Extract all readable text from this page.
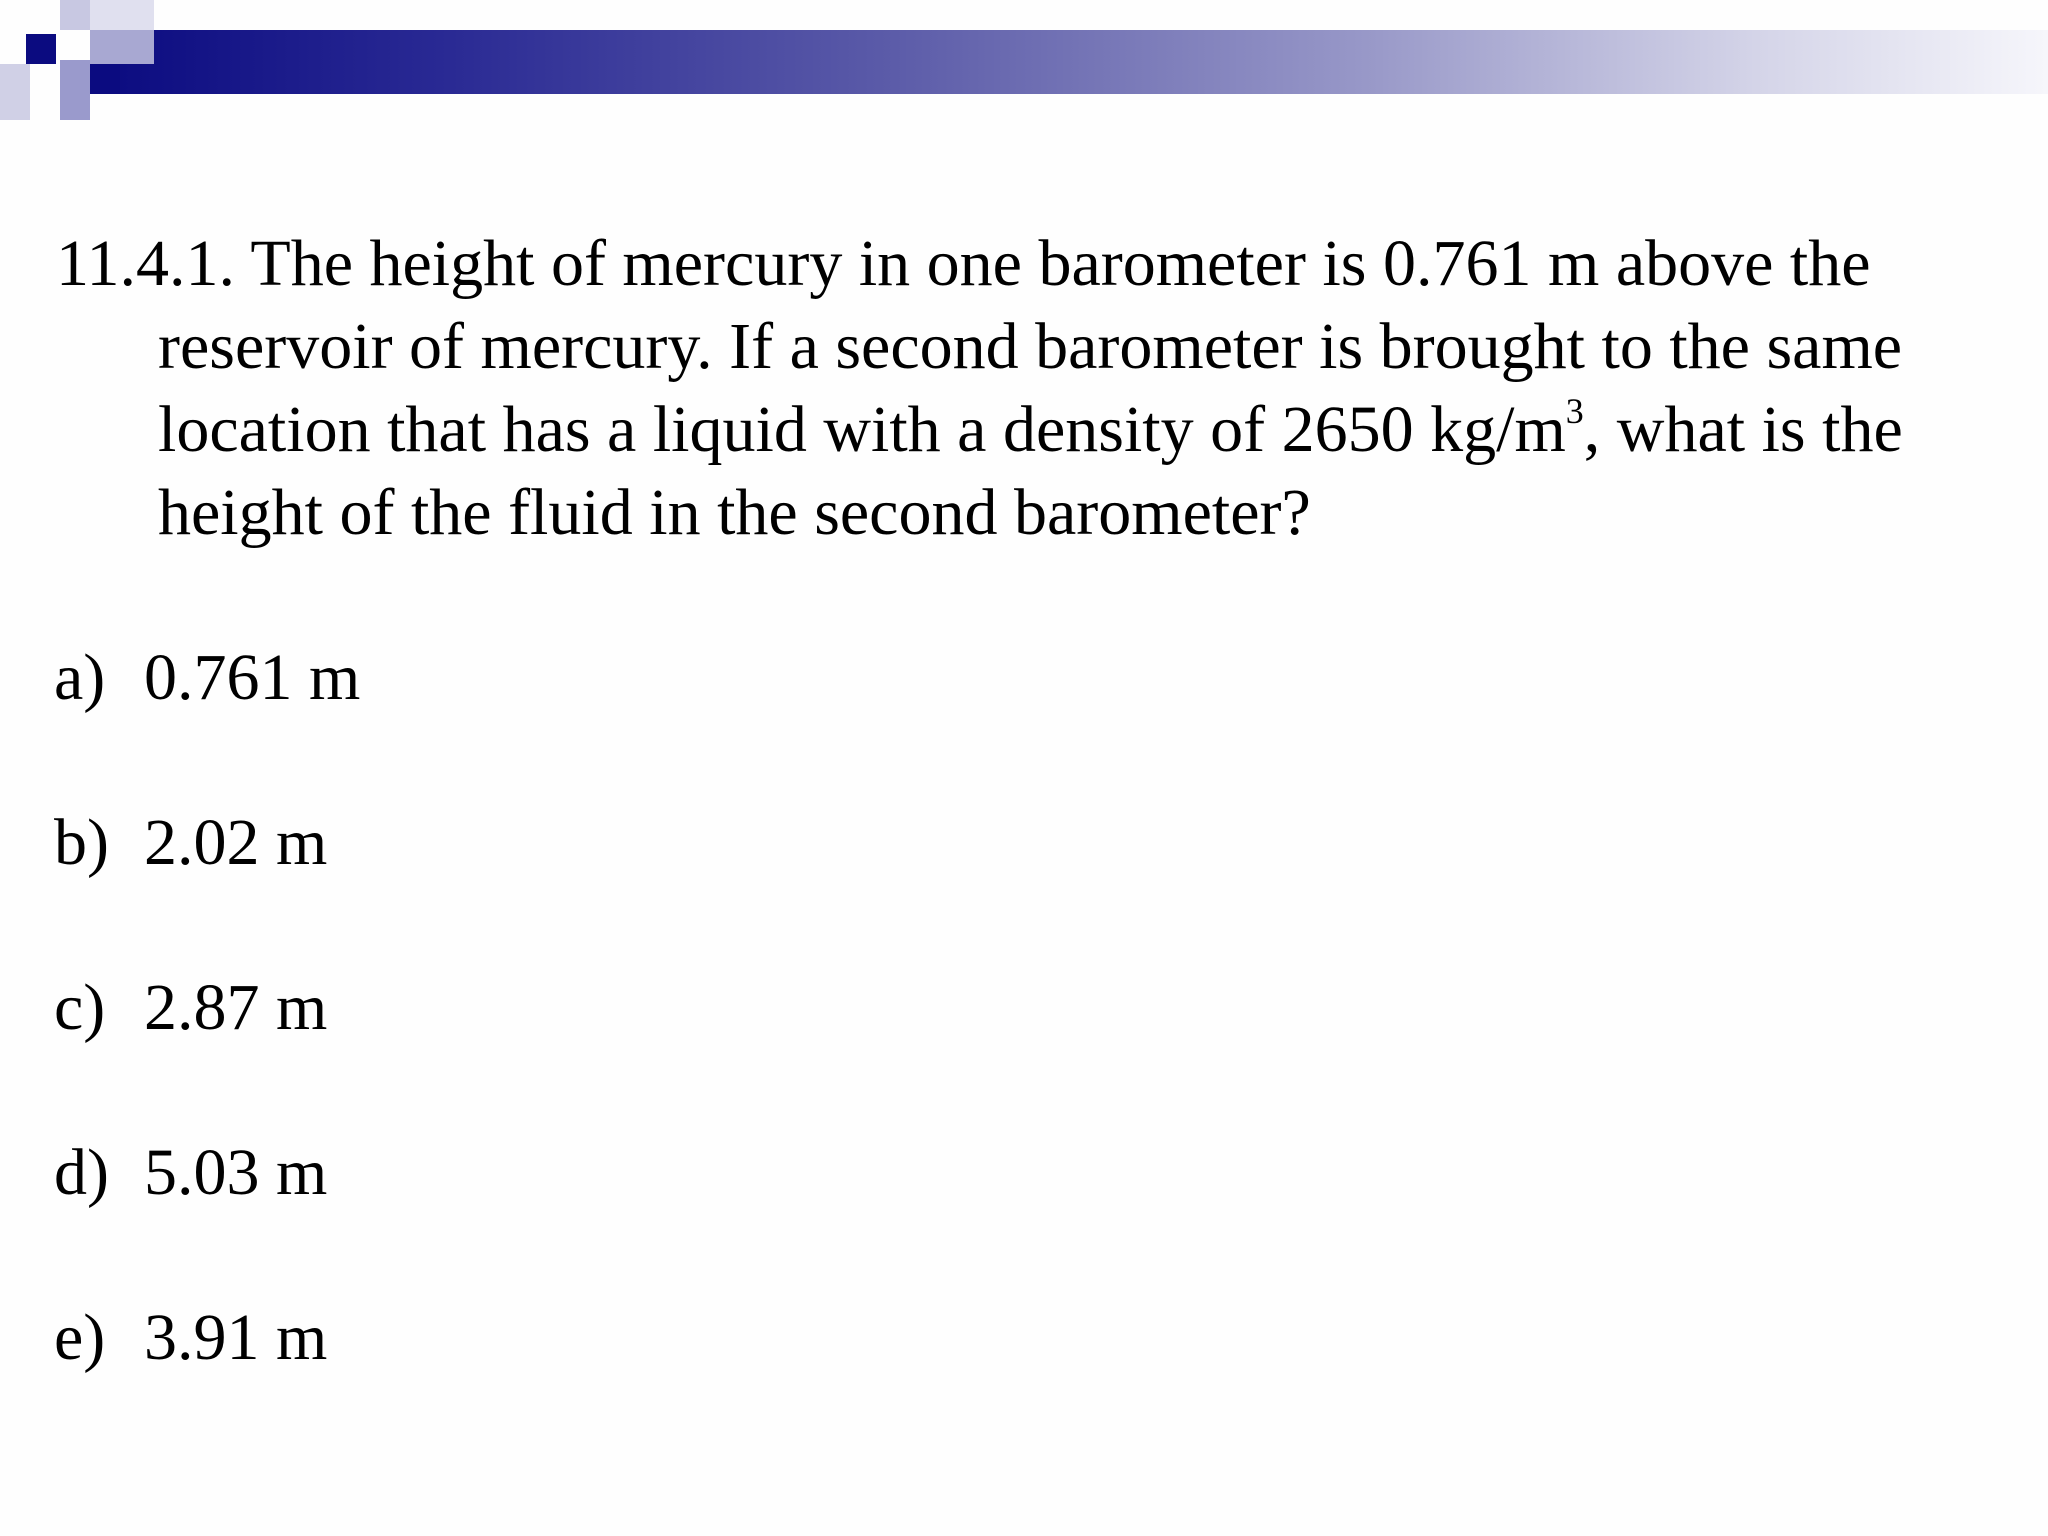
11.4.1. The height of mercury in one barometer is 0.761 m above the
reservoir of mercury. If a second barometer is brought to the same
location that has a liquid with a density of 2650 $kg/m^3$, what is the
height of the fluid in the second barometer?
a) 0.761 m
b) 2.02 m
c) 2.87 m
d) 5.03 m
e) 3.91 m
